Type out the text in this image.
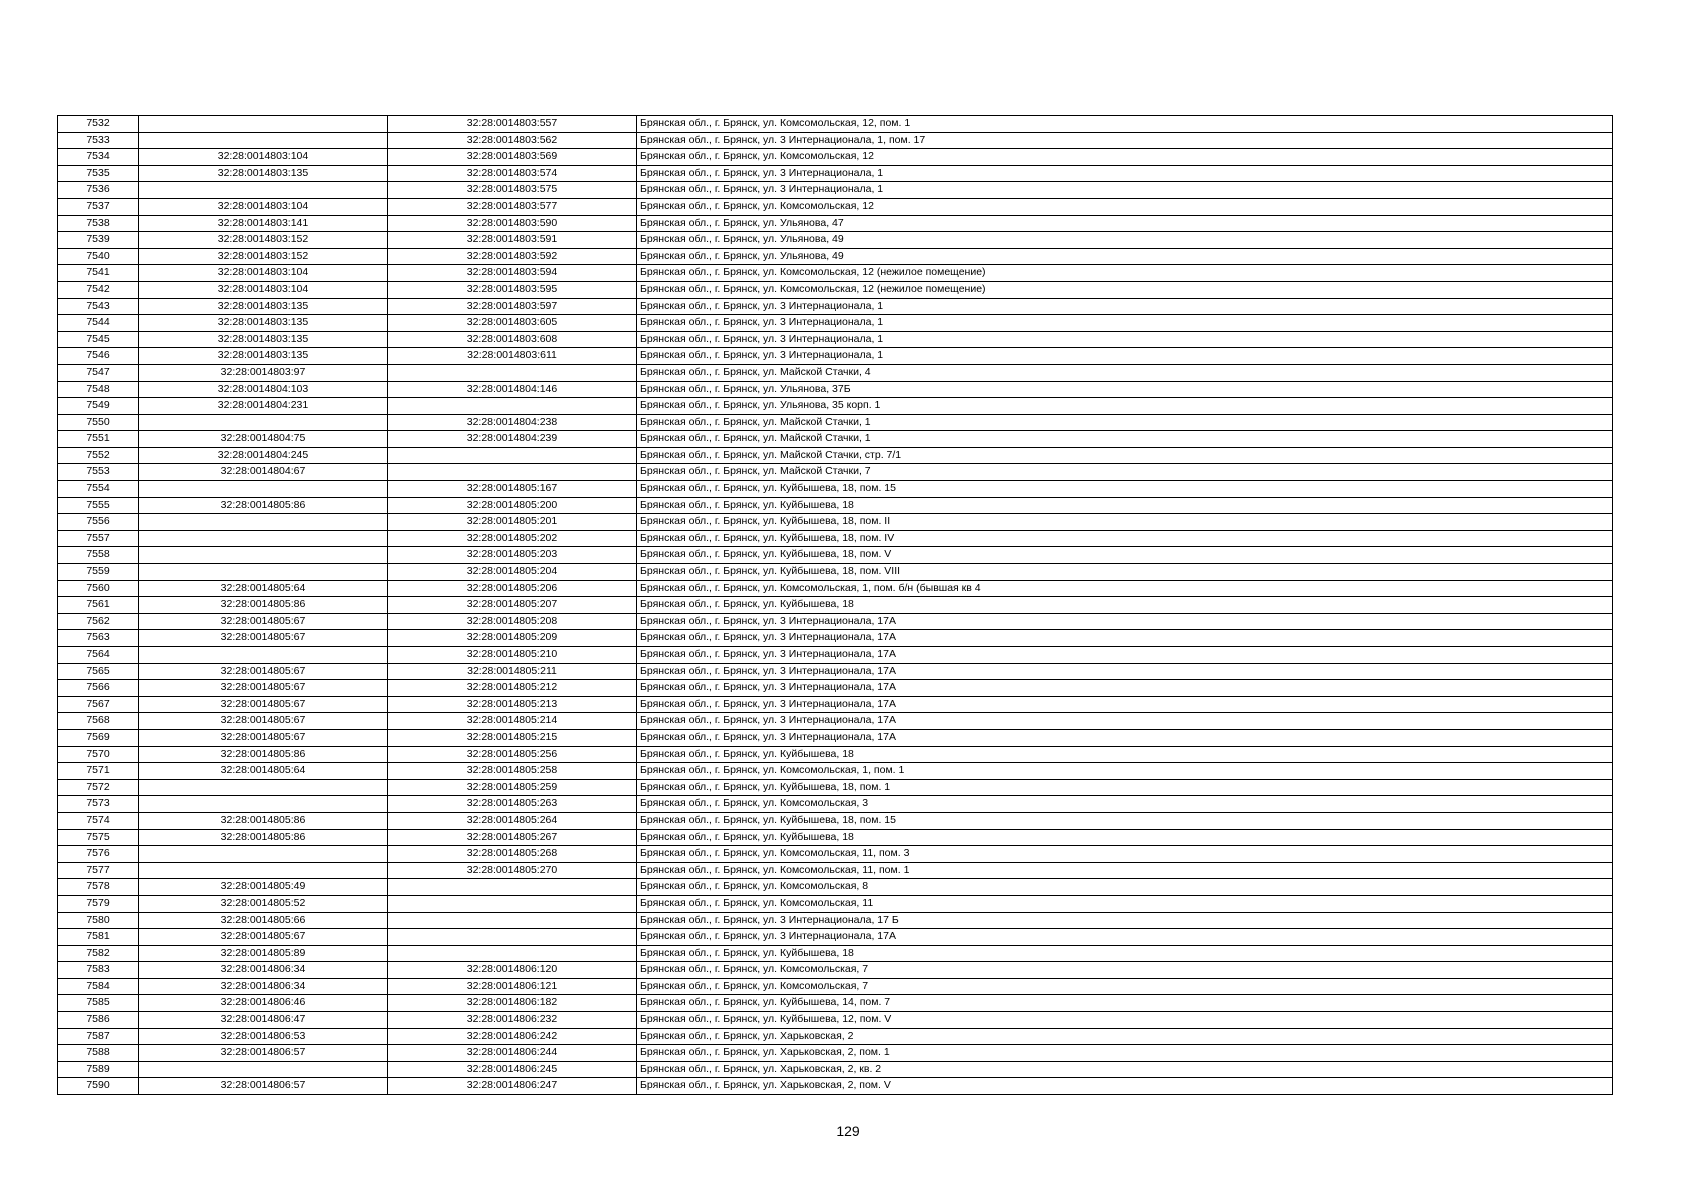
7532		32:28:0014803:557	Брянская обл., г. Брянск, ул. Комсомольская, 12, пом. 1
7533		32:28:0014803:562	Брянская обл., г. Брянск, ул. 3 Интернационала, 1, пом. 17
7534	32:28:0014803:104	32:28:0014803:569	Брянская обл., г. Брянск, ул. Комсомольская, 12
7535	32:28:0014803:135	32:28:0014803:574	Брянская обл., г. Брянск, ул. 3 Интернационала, 1
7536		32:28:0014803:575	Брянская обл., г. Брянск, ул. 3 Интернационала, 1
7537	32:28:0014803:104	32:28:0014803:577	Брянская обл., г. Брянск, ул. Комсомольская, 12
7538	32:28:0014803:141	32:28:0014803:590	Брянская обл., г. Брянск, ул. Ульянова, 47
7539	32:28:0014803:152	32:28:0014803:591	Брянская обл., г. Брянск, ул. Ульянова, 49
7540	32:28:0014803:152	32:28:0014803:592	Брянская обл., г. Брянск, ул. Ульянова, 49
7541	32:28:0014803:104	32:28:0014803:594	Брянская обл., г. Брянск, ул. Комсомольская, 12 (нежилое помещение)
7542	32:28:0014803:104	32:28:0014803:595	Брянская обл., г. Брянск, ул. Комсомольская, 12 (нежилое помещение)
7543	32:28:0014803:135	32:28:0014803:597	Брянская обл., г. Брянск, ул. 3 Интернационала, 1
7544	32:28:0014803:135	32:28:0014803:605	Брянская обл., г. Брянск, ул. 3 Интернационала, 1
7545	32:28:0014803:135	32:28:0014803:608	Брянская обл., г. Брянск, ул. 3 Интернационала, 1
7546	32:28:0014803:135	32:28:0014803:611	Брянская обл., г. Брянск, ул. 3 Интернационала, 1
7547	32:28:0014803:97		Брянская обл., г. Брянск, ул. Майской Стачки, 4
7548	32:28:0014804:103	32:28:0014804:146	Брянская обл., г. Брянск, ул. Ульянова, 37Б
7549	32:28:0014804:231		Брянская обл., г. Брянск, ул. Ульянова, 35 корп. 1
7550		32:28:0014804:238	Брянская обл., г. Брянск, ул. Майской Стачки, 1
7551	32:28:0014804:75	32:28:0014804:239	Брянская обл., г. Брянск, ул. Майской Стачки, 1
7552	32:28:0014804:245		Брянская обл., г. Брянск, ул. Майской Стачки, стр. 7/1
7553	32:28:0014804:67		Брянская обл., г. Брянск, ул. Майской Стачки, 7
7554		32:28:0014805:167	Брянская обл., г. Брянск, ул. Куйбышева, 18, пом. 15
7555	32:28:0014805:86	32:28:0014805:200	Брянская обл., г. Брянск, ул. Куйбышева, 18
7556		32:28:0014805:201	Брянская обл., г. Брянск, ул. Куйбышева, 18, пом. II
7557		32:28:0014805:202	Брянская обл., г. Брянск, ул. Куйбышева, 18, пом. IV
7558		32:28:0014805:203	Брянская обл., г. Брянск, ул. Куйбышева, 18, пом. V
7559		32:28:0014805:204	Брянская обл., г. Брянск, ул. Куйбышева, 18, пом. VIII
7560	32:28:0014805:64	32:28:0014805:206	Брянская обл., г. Брянск, ул. Комсомольская, 1, пом. б/н (бывшая кв 4
7561	32:28:0014805:86	32:28:0014805:207	Брянская обл., г. Брянск, ул. Куйбышева, 18
7562	32:28:0014805:67	32:28:0014805:208	Брянская обл., г. Брянск, ул. 3 Интернационала, 17А
7563	32:28:0014805:67	32:28:0014805:209	Брянская обл., г. Брянск, ул. 3 Интернационала, 17А
7564		32:28:0014805:210	Брянская обл., г. Брянск, ул. 3 Интернационала, 17А
7565	32:28:0014805:67	32:28:0014805:211	Брянская обл., г. Брянск, ул. 3 Интернационала, 17А
7566	32:28:0014805:67	32:28:0014805:212	Брянская обл., г. Брянск, ул. 3 Интернационала, 17А
7567	32:28:0014805:67	32:28:0014805:213	Брянская обл., г. Брянск, ул. 3 Интернационала, 17А
7568	32:28:0014805:67	32:28:0014805:214	Брянская обл., г. Брянск, ул. 3 Интернационала, 17А
7569	32:28:0014805:67	32:28:0014805:215	Брянская обл., г. Брянск, ул. 3 Интернационала, 17А
7570	32:28:0014805:86	32:28:0014805:256	Брянская обл., г. Брянск, ул. Куйбышева, 18
7571	32:28:0014805:64	32:28:0014805:258	Брянская обл., г. Брянск, ул. Комсомольская, 1, пом. 1
7572		32:28:0014805:259	Брянская обл., г. Брянск, ул. Куйбышева, 18, пом. 1
7573		32:28:0014805:263	Брянская обл., г. Брянск, ул. Комсомольская, 3
7574	32:28:0014805:86	32:28:0014805:264	Брянская обл., г. Брянск, ул. Куйбышева, 18, пом. 15
7575	32:28:0014805:86	32:28:0014805:267	Брянская обл., г. Брянск, ул. Куйбышева, 18
7576		32:28:0014805:268	Брянская обл., г. Брянск, ул. Комсомольская, 11, пом. 3
7577		32:28:0014805:270	Брянская обл., г. Брянск, ул. Комсомольская, 11, пом. 1
7578	32:28:0014805:49		Брянская обл., г. Брянск, ул. Комсомольская, 8
7579	32:28:0014805:52		Брянская обл., г. Брянск, ул. Комсомольская, 11
7580	32:28:0014805:66		Брянская обл., г. Брянск, ул. 3 Интернационала, 17 Б
7581	32:28:0014805:67		Брянская обл., г. Брянск, ул. 3 Интернационала, 17А
7582	32:28:0014805:89		Брянская обл., г. Брянск, ул. Куйбышева, 18
7583	32:28:0014806:34	32:28:0014806:120	Брянская обл., г. Брянск, ул. Комсомольская, 7
7584	32:28:0014806:34	32:28:0014806:121	Брянская обл., г. Брянск, ул. Комсомольская, 7
7585	32:28:0014806:46	32:28:0014806:182	Брянская обл., г. Брянск, ул. Куйбышева, 14, пом. 7
7586	32:28:0014806:47	32:28:0014806:232	Брянская обл., г. Брянск, ул. Куйбышева, 12, пом. V
7587	32:28:0014806:53	32:28:0014806:242	Брянская обл., г. Брянск, ул. Харьковская, 2
7588	32:28:0014806:57	32:28:0014806:244	Брянская обл., г. Брянск, ул. Харьковская, 2, пом. 1
7589		32:28:0014806:245	Брянская обл., г. Брянск, ул. Харьковская, 2, кв. 2
7590	32:28:0014806:57	32:28:0014806:247	Брянская обл., г. Брянск, ул. Харьковская, 2, пом. V
129
